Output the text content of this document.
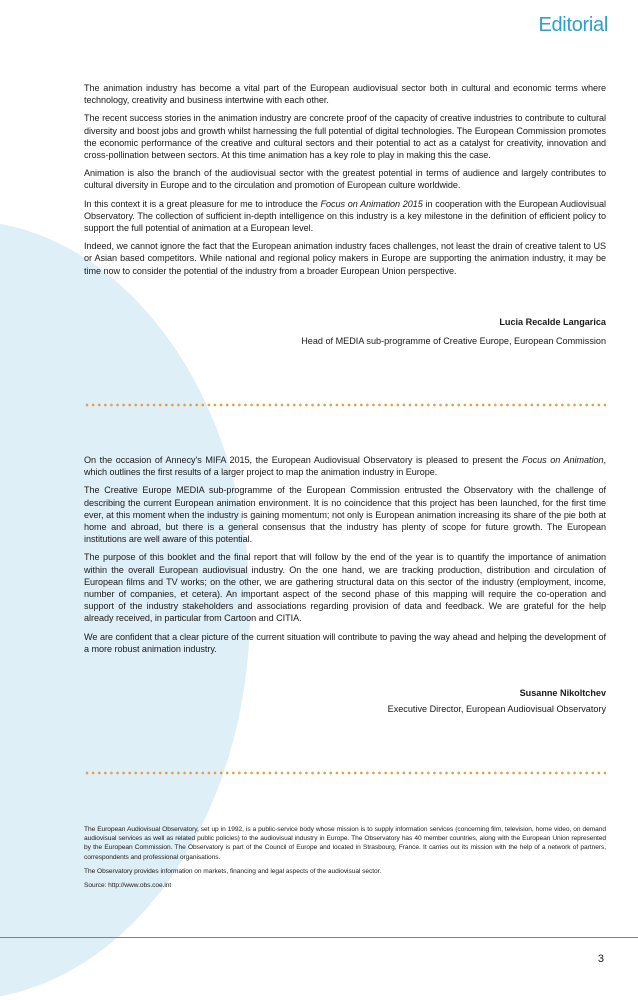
Editorial

The animation industry has become a vital part of the European audiovisual sector both in cultural and economic terms where technology, creativity and business intertwine with each other.

The recent success stories in the animation industry are concrete proof of the capacity of creative industries to contribute to cultural diversity and boost jobs and growth whilst harnessing the full potential of digital technologies. The European Commission promotes the economic performance of the creative and cultural sectors and their potential to act as a catalyst for creativity, innovation and cross-pollination between sectors. At this time animation has a key role to play in making this the case.

Animation is also the branch of the audiovisual sector with the greatest potential in terms of audience and largely contributes to cultural diversity in Europe and to the circulation and promotion of European culture worldwide.

In this context it is a great pleasure for me to introduce the Focus on Animation 2015 in cooperation with the European Audiovisual Observatory. The collection of sufficient in-depth intelligence on this industry is a key milestone in the definition of efficient policy to support the full potential of animation at a European level.

Indeed, we cannot ignore the fact that the European animation industry faces challenges, not least the drain of creative talent to US or Asian based competitors. While national and regional policy makers in Europe are supporting the animation industry, it may be time now to consider the potential of the industry from a broader European Union perspective.

Lucia Recalde Langarica
Head of MEDIA sub-programme of Creative Europe, European Commission

On the occasion of Annecy's MIFA 2015, the European Audiovisual Observatory is pleased to present the Focus on Animation, which outlines the first results of a larger project to map the animation industry in Europe.

The Creative Europe MEDIA sub-programme of the European Commission entrusted the Observatory with the challenge of describing the current European animation environment. It is no coincidence that this project has been launched, for the first time ever, at this moment when the industry is gaining momentum; not only is European animation increasing its share of the pie both at home and abroad, but there is a general consensus that the industry has plenty of scope for future growth. The European institutions are well aware of this potential.

The purpose of this booklet and the final report that will follow by the end of the year is to quantify the importance of animation within the overall European audiovisual industry. On the one hand, we are tracking production, distribution and circulation of European films and TV works; on the other, we are gathering structural data on this sector of the industry (employment, income, number of companies, et cetera). An important aspect of the second phase of this mapping will require the co-operation and support of the industry stakeholders and associations regarding provision of data and feedback. We are grateful for the help already received, in particular from Cartoon and CITIA.

We are confident that a clear picture of the current situation will contribute to paving the way ahead and helping the development of a more robust animation industry.

Susanne Nikoltchev
Executive Director, European Audiovisual Observatory

The European Audiovisual Observatory, set up in 1992, is a public-service body whose mission is to supply information services (concerning film, television, home video, on demand audiovisual services as well as related public policies) to the audiovisual industry in Europe. The Observatory has 40 member countries, along with the European Union represented by the European Commission. The Observatory is part of the Council of Europe and located in Strasbourg, France. It carries out its mission with the help of a network of partners, correspondents and professional organisations.

The Observatory provides information on markets, financing and legal aspects of the audiovisual sector.

Source: http://www.obs.coe.int

3
